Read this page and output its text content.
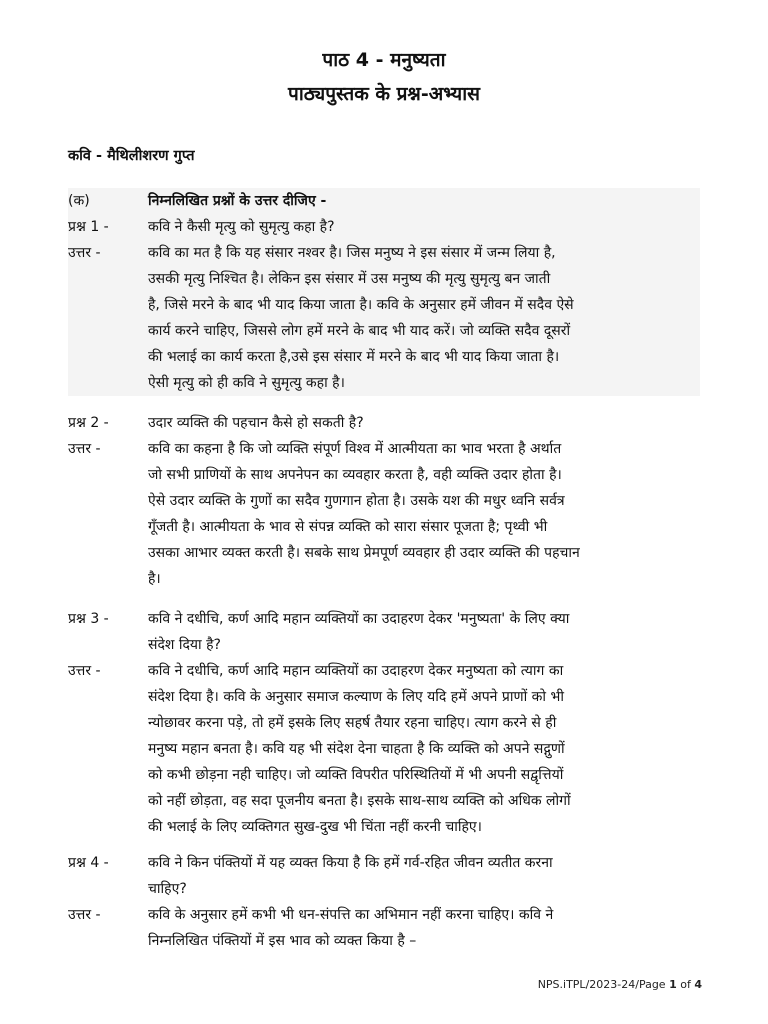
पाठ 4 - मनुष्यता
पाठ्यपुस्तक के प्रश्न-अभ्यास
कवि - मैथिलीशरण गुप्त
(क)	निम्नलिखित प्रश्नों के उत्तर दीजिए -
प्रश्न 1 -	कवि ने कैसी मृत्यु को सुमृत्यु कहा है?
उत्तर -	कवि का मत है कि यह संसार नश्वर है। जिस मनुष्य ने इस संसार में जन्म लिया है,
उसकी मृत्यु निश्चित है। लेकिन इस संसार में उस मनुष्य की मृत्यु सुमृत्यु बन जाती
है, जिसे मरने के बाद भी याद किया जाता है। कवि के अनुसार हमें जीवन में सदैव ऐसे
कार्य करने चाहिए, जिससे लोग हमें मरने के बाद भी याद करें। जो व्यक्ति सदैव दूसरों
की भलाई का कार्य करता है,उसे इस संसार में मरने के बाद भी याद किया जाता है।
ऐसी मृत्यु को ही कवि ने सुमृत्यु कहा है।
प्रश्न 2 -	उदार व्यक्ति की पहचान कैसे हो सकती है?
उत्तर -	कवि का कहना है कि जो व्यक्ति संपूर्ण विश्व में आत्मीयता का भाव भरता है अर्थात
जो सभी प्राणियों के साथ अपनेपन का व्यवहार करता है, वही व्यक्ति उदार होता है।
ऐसे उदार व्यक्ति के गुणों का सदैव गुणगान होता है। उसके यश की मधुर ध्वनि सर्वत्र
गूँजती है। आत्मीयता के भाव से संपन्न व्यक्ति को सारा संसार पूजता है; पृथ्वी भी
उसका आभार व्यक्त करती है। सबके साथ प्रेमपूर्ण व्यवहार ही उदार व्यक्ति की पहचान
है।
प्रश्न 3 -	कवि ने दधीचि, कर्ण आदि महान व्यक्तियों का उदाहरण देकर 'मनुष्यता' के लिए क्या
संदेश दिया है?
उत्तर -	कवि ने दधीचि, कर्ण आदि महान व्यक्तियों का उदाहरण देकर मनुष्यता को त्याग का
संदेश दिया है। कवि के अनुसार समाज कल्याण के लिए यदि हमें अपने प्राणों को भी
न्योछावर करना पड़े, तो हमें इसके लिए सहर्ष तैयार रहना चाहिए। त्याग करने से ही
मनुष्य महान बनता है। कवि यह भी संदेश देना चाहता है कि व्यक्ति को अपने सद्गुणों
को कभी छोड़ना नही चाहिए। जो व्यक्ति विपरीत परिस्थितियों में भी अपनी सद्वृत्तियों
को नहीं छोड़ता, वह सदा पूजनीय बनता है। इसके साथ-साथ व्यक्ति को अधिक लोगों
की भलाई के लिए व्यक्तिगत सुख-दुख भी चिंता नहीं करनी चाहिए।
प्रश्न 4 -	कवि ने किन पंक्तियों में यह व्यक्त किया है कि हमें गर्व-रहित जीवन व्यतीत करना
चाहिए?
उत्तर -	कवि के अनुसार हमें कभी भी धन-संपत्ति का अभिमान नहीं करना चाहिए। कवि ने
निम्नलिखित पंक्तियों में इस भाव को व्यक्त किया है –
NPS.iTPL/2023-24/Page 1 of 4
